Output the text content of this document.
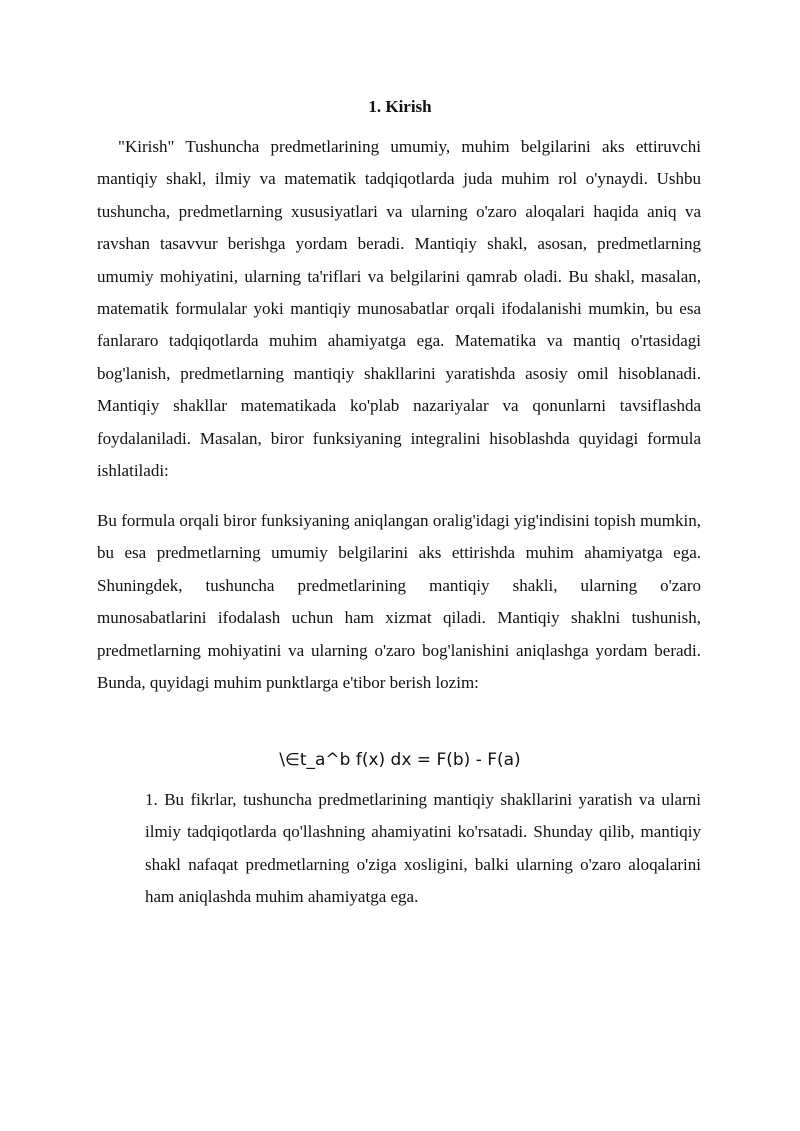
1. Kirish

"Kirish" Tushuncha predmetlarining umumiy, muhim belgilarini aks ettiruvchi mantiqiy shakl, ilmiy va matematik tadqiqotlarda juda muhim rol o'ynaydi. Ushbu tushuncha, predmetlarning xususiyatlari va ularning o'zaro aloqalari haqida aniq va ravshan tasavvur berishga yordam beradi. Mantiqiy shakl, asosan, predmetlarning umumiy mohiyatini, ularning ta'riflari va belgilarini qamrab oladi. Bu shakl, masalan, matematik formulalar yoki mantiqiy munosabatlar orqali ifodalanishi mumkin, bu esa fanlararo tadqiqotlarda muhim ahamiyatga ega. Matematika va mantiq o'rtasidagi bog'lanish, predmetlarning mantiqiy shakllarini yaratishda asosiy omil hisoblanadi. Mantiqiy shakllar matematikada ko'plab nazariyalar va qonunlarni tavsiflashda foydalaniladi. Masalan, biror funksiyaning integralini hisoblashda quyidagi formula ishlatiladi:

Bu formula orqali biror funksiyaning aniqlangan oralig'idagi yig'indisini topish mumkin, bu esa predmetlarning umumiy belgilarini aks ettirishda muhim ahamiyatga ega. Shuningdek, tushuncha predmetlarining mantiqiy shakli, ularning o'zaro munosabatlarini ifodalash uchun ham xizmat qiladi. Mantiqiy shaklni tushunish, predmetlarning mohiyatini va ularning o'zaro bog'lanishini aniqlashga yordam beradi. Bunda, quyidagi muhim punktlarga e'tibor berish lozim:

\∈t_a^b f(x) dx = F(b) - F(a)

1. Bu fikrlar, tushuncha predmetlarining mantiqiy shakllarini yaratish va ularni ilmiy tadqiqotlarda qo'llashning ahamiyatini ko'rsatadi. Shunday qilib, mantiqiy shakl nafaqat predmetlarning o'ziga xosligini, balki ularning o'zaro aloqalarini ham aniqlashda muhim ahamiyatga ega.
